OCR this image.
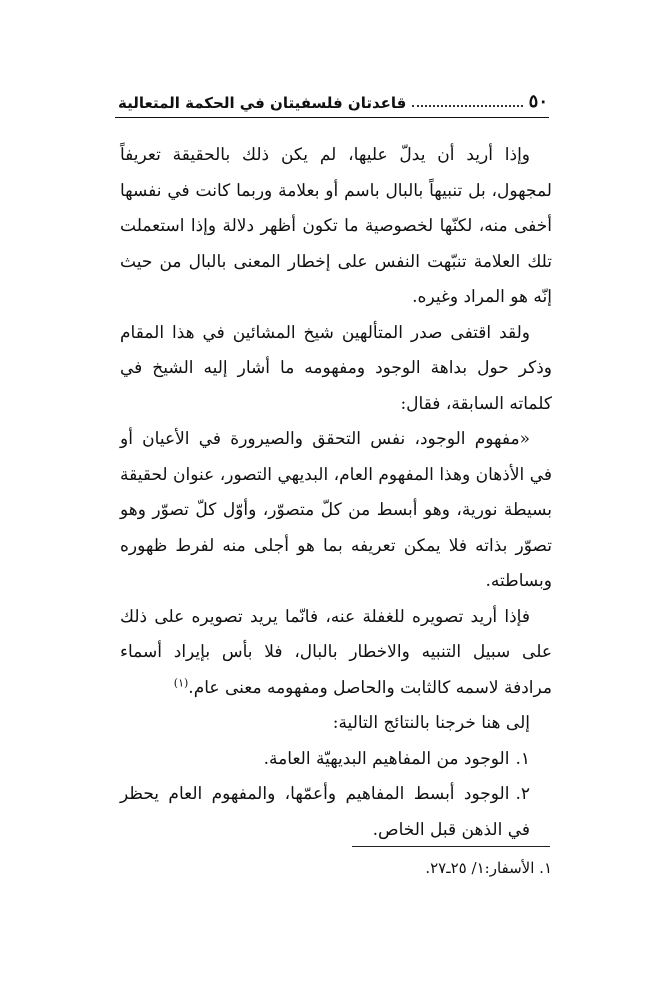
٥٠
قاعدتان فلسفيتان في الحكمة المتعالية

وإذا أريد أن يدلّ عليها، لم يكن ذلك بالحقيقة تعريفاً لمجهول، بل تنبيهاً بالبال باسم أو بعلامة وربما كانت في نفسها أخفى منه، لكنّها لخصوصية ما تكون أظهر دلالة وإذا استعملت تلك العلامة تنبّهت النفس على إخطار المعنى بالبال من حيث إنّه هو المراد وغيره.

ولقد اقتفى صدر المتألهين شيخ المشائين في هذا المقام وذكر حول بداهة الوجود ومفهومه ما أشار إليه الشيخ في كلماته السابقة، فقال:

«مفهوم الوجود، نفس التحقق والصيرورة في الأعيان أو في الأذهان وهذا المفهوم العام، البديهي التصور، عنوان لحقيقة بسيطة نورية، وهو أبسط من كلّ متصوّر، وأوّل كلّ تصوّر وهو تصوّر بذاته فلا يمكن تعريفه بما هو أجلى منه لفرط ظهوره وبساطته.

فإذا أريد تصويره للغفلة عنه، فانّما يريد تصويره على ذلك على سبيل التنبيه والاخطار بالبال، فلا بأس بإيراد أسماء مرادفة لاسمه كالثابت والحاصل ومفهومه معنى عام.$^{(١)}$

إلى هنا خرجنا بالنتائج التالية:

١.الوجود من المفاهيم البديهيّة العامة.
٢.الوجود أبسط المفاهيم وأعمّها، والمفهوم العام يحظر في الذهن قبل الخاص.
١. الأسفار:١/ ٢٥ـ٢٧.
